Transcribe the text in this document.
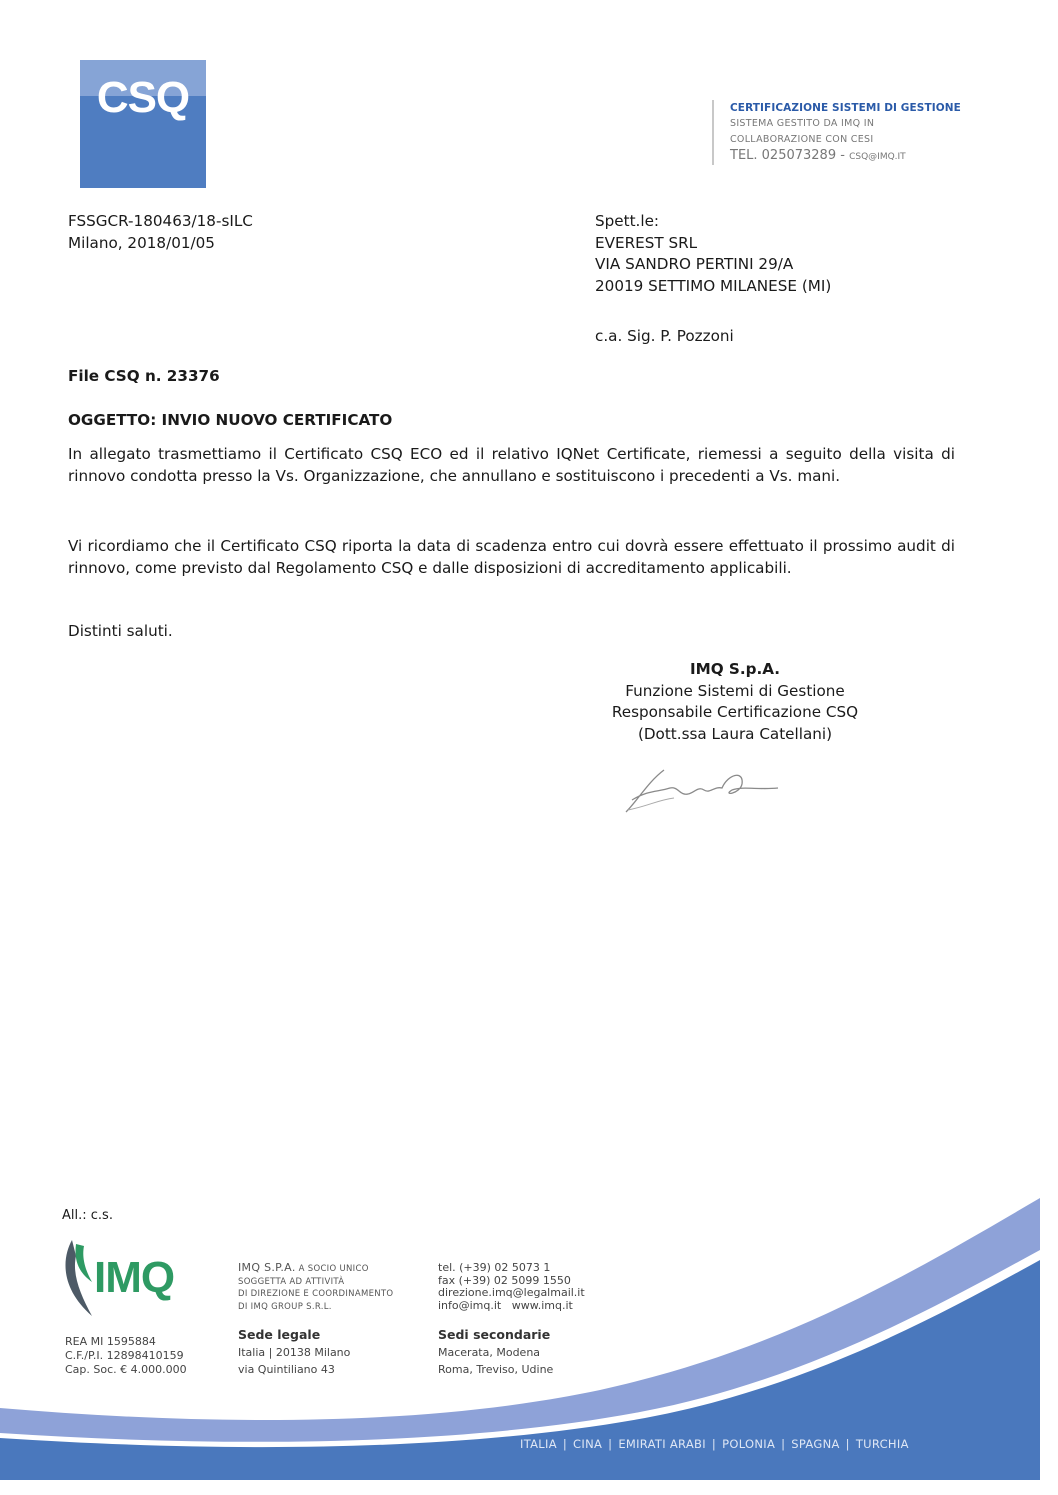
CSQ	CERTIFICAZIONE SISTEMI DI GESTIONE
SISTEMA GESTITO DA IMQ IN
COLLABORAZIONE CON CESI
TEL. 025073289 - CSQ@IMQ.IT
FSSGCR-180463/18-sILC
Milano, 2018/01/05
Spett.le:
EVEREST SRL
VIA SANDRO PERTINI 29/A
20019 SETTIMO MILANESE (MI)
c.a. Sig. P. Pozzoni
File CSQ n. 23376
OGGETTO: INVIO NUOVO CERTIFICATO
In allegato trasmettiamo il Certificato CSQ ECO ed il relativo IQNet Certificate, riemessi a seguito della visita di rinnovo condotta presso la Vs. Organizzazione, che annullano e sostituiscono i precedenti a Vs. mani.
Vi ricordiamo che il Certificato CSQ riporta la data di scadenza entro cui dovrà essere effettuato il prossimo audit di rinnovo, come previsto dal Regolamento CSQ e dalle disposizioni di accreditamento applicabili.
Distinti saluti.
IMQ S.p.A.
Funzione Sistemi di Gestione
Responsabile Certificazione CSQ
(Dott.ssa Laura Catellani)
All.: c.s.
IMQ
REA MI 1595884
C.F./P.I. 12898410159
Cap. Soc. € 4.000.000
IMQ S.P.A. A SOCIO UNICO
SOGGETTA AD ATTIVITÀ
DI DIREZIONE E COORDINAMENTO
DI IMQ GROUP S.R.L.
Sede legale
Italia | 20138 Milano
via Quintiliano 43
tel. (+39) 02 5073 1
fax (+39) 02 5099 1550
direzione.imq@legalmail.it
info@imq.it   www.imq.it
Sedi secondarie
Macerata, Modena
Roma, Treviso, Udine
ITALIA | CINA | EMIRATI ARABI | POLONIA | SPAGNA | TURCHIA
